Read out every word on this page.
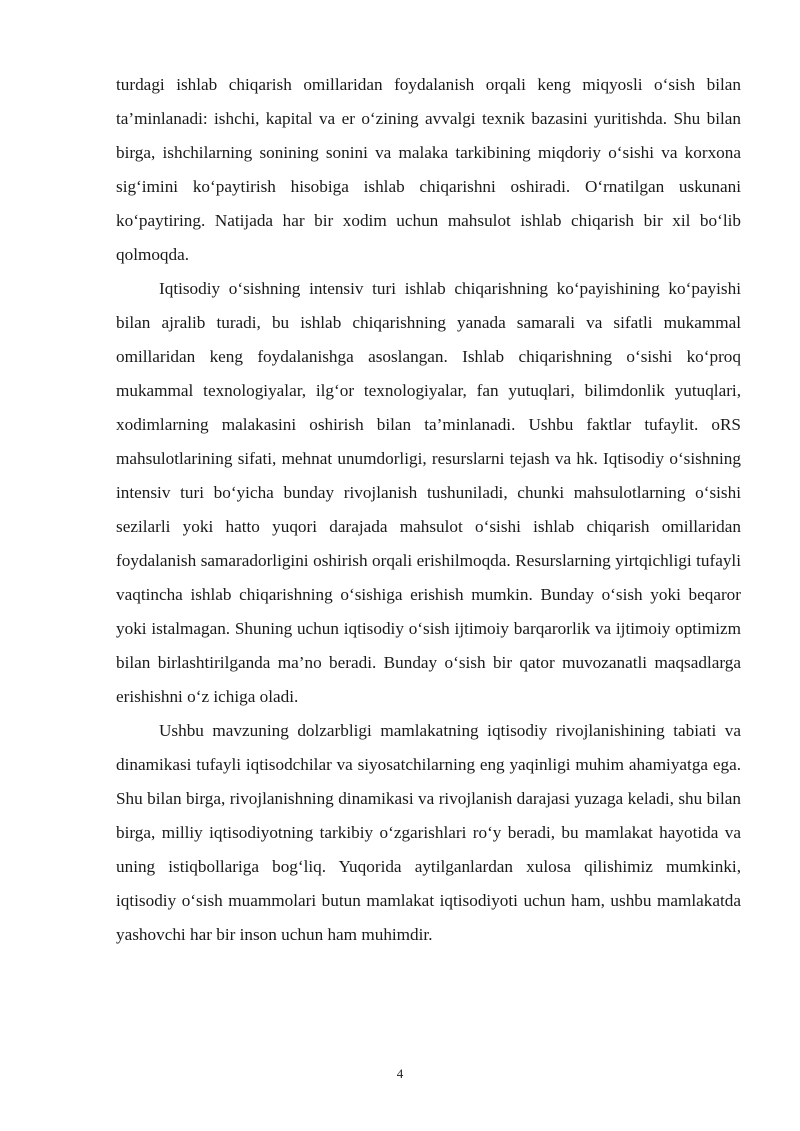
turdagi ishlab chiqarish omillaridan foydalanish orqali keng miqyosli o‘sish bilan ta’minlanadi: ishchi, kapital va er o‘zining avvalgi texnik bazasini yuritishda. Shu bilan birga, ishchilarning sonining sonini va malaka tarkibining miqdoriy o‘sishi va korxona sig‘imini ko‘paytirish hisobiga ishlab chiqarishni oshiradi. O‘rnatilgan uskunani ko‘paytiring. Natijada har bir xodim uchun mahsulot ishlab chiqarish bir xil bo‘lib qolmoqda.

Iqtisodiy o‘sishning intensiv turi ishlab chiqarishning ko‘payishining ko‘payishi bilan ajralib turadi, bu ishlab chiqarishning yanada samarali va sifatli mukammal omillaridan keng foydalanishga asoslangan. Ishlab chiqarishning o‘sishi ko‘proq mukammal texnologiyalar, ilg‘or texnologiyalar, fan yutuqlari, bilimdonlik yutuqlari, xodimlarning malakasini oshirish bilan ta’minlanadi. Ushbu faktlar tufaylit. oRS mahsulotlarining sifati, mehnat unumdorligi, resurslarni tejash va hk. Iqtisodiy o‘sishning intensiv turi bo‘yicha bunday rivojlanish tushuniladi, chunki mahsulotlarning o‘sishi sezilarli yoki hatto yuqori darajada mahsulot o‘sishi ishlab chiqarish omillaridan foydalanish samaradorligini oshirish orqali erishilmoqda. Resurslarning yirtqichligi tufayli vaqtincha ishlab chiqarishning o‘sishiga erishish mumkin. Bunday o‘sish yoki beqaror yoki istalmagan. Shuning uchun iqtisodiy o‘sish ijtimoiy barqarorlik va ijtimoiy optimizm bilan birlashtirilganda ma’no beradi. Bunday o‘sish bir qator muvozanatli maqsadlarga erishishni o‘z ichiga oladi.

Ushbu mavzuning dolzarbligi mamlakatning iqtisodiy rivojlanishining tabiati va dinamikasi tufayli iqtisodchilar va siyosatchilarning eng yaqinligi muhim ahamiyatga ega. Shu bilan birga, rivojlanishning dinamikasi va rivojlanish darajasi yuzaga keladi, shu bilan birga, milliy iqtisodiyotning tarkibiy o‘zgarishlari ro‘y beradi, bu mamlakat hayotida va uning istiqbollariga bog‘liq. Yuqorida aytilganlardan xulosa qilishimiz mumkinki, iqtisodiy o‘sish muammolari butun mamlakat iqtisodiyoti uchun ham, ushbu mamlakatda yashovchi har bir inson uchun ham muhimdir.

4
